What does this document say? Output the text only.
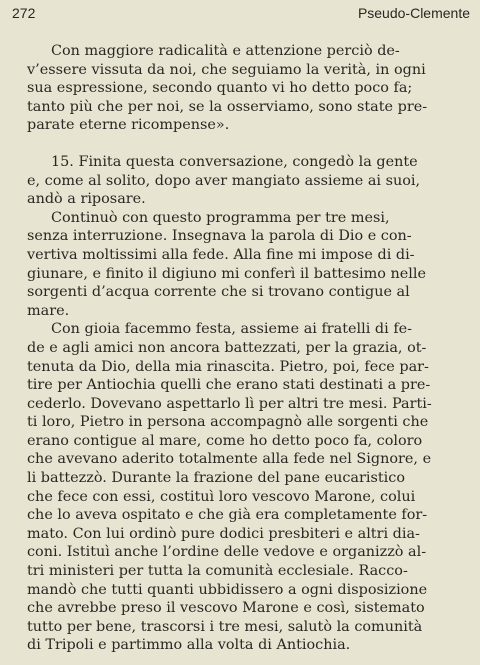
272	Pseudo-Clemente
Con maggiore radicalità e attenzione perciò de-
v’essere vissuta da noi, che seguiamo la verità, in ogni
sua espressione, secondo quanto vi ho detto poco fa;
tanto più che per noi, se la osserviamo, sono state pre-
parate eterne ricompense».
15. Finita questa conversazione, congedò la gente
e, come al solito, dopo aver mangiato assieme ai suoi,
andò a riposare.
Continuò con questo programma per tre mesi,
senza interruzione. Insegnava la parola di Dio e con-
vertiva moltissimi alla fede. Alla fine mi impose di di-
giunare, e finito il digiuno mi conferì il battesimo nelle
sorgenti d’acqua corrente che si trovano contigue al
mare.
Con gioia facemmo festa, assieme ai fratelli di fe-
de e agli amici non ancora battezzati, per la grazia, ot-
tenuta da Dio, della mia rinascita. Pietro, poi, fece par-
tire per Antiochia quelli che erano stati destinati a pre-
cederlo. Dovevano aspettarlo lì per altri tre mesi. Parti-
ti loro, Pietro in persona accompagnò alle sorgenti che
erano contigue al mare, come ho detto poco fa, coloro
che avevano aderito totalmente alla fede nel Signore, e
li battezzò. Durante la frazione del pane eucaristico
che fece con essi, costituì loro vescovo Marone, colui
che lo aveva ospitato e che già era completamente for-
mato. Con lui ordinò pure dodici presbiteri e altri dia-
coni. Istituì anche l’ordine delle vedove e organizzò al-
tri ministeri per tutta la comunità ecclesiale. Racco-
mandò che tutti quanti ubbidissero a ogni disposizione
che avrebbe preso il vescovo Marone e così, sistemato
tutto per bene, trascorsi i tre mesi, salutò la comunità
di Tripoli e partimmo alla volta di Antiochia.
